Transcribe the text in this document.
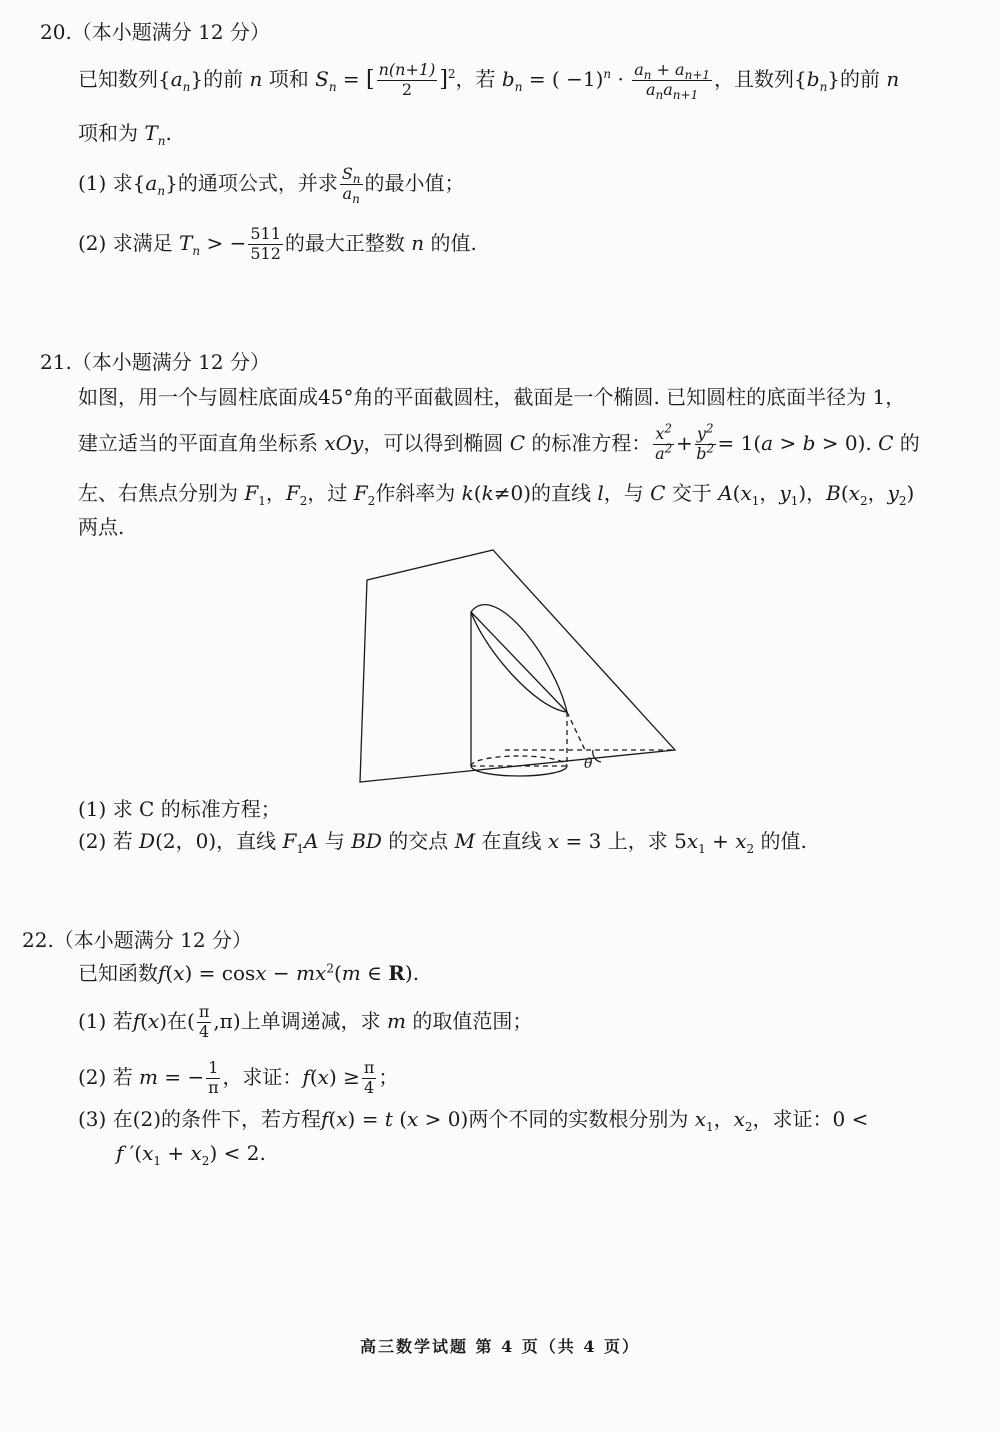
20.（本小题满分 12 分）
已知数列$\{a_n\}$的前 n 项和 $S_n$ = [ $\frac{n(n+1)}{2} ]^2$，若 $b_n$ = ( $-1)^n \cdot \frac{a_n + a_{n+1}}{a_na_{n+1}}$ ，且数列$\{b_n\}$的前 n
项和为 $T_n$.
(1) 求$\{a_n\}$的通项公式，并求 $\frac{S_n}{a_n}$ 的最小值；
(2) 求满足 $T_n$ > − $\frac{511}{512}$ 的最大正整数 n 的值.
21.（本小题满分 12 分）
如图，用一个与圆柱底面成45°角的平面截圆柱，截面是一个椭圆. 已知圆柱的底面半径为 1，
建立适当的平面直角坐标系 xOy，可以得到椭圆 C 的标准方程： $\frac{x^2}{a^2} + \frac{y^2}{b^2} = 1(a > b > 0)$. C 的
左、右焦点分别为 $F_1$，$F_2$，过 $F_2$作斜率为 k(k≠0)的直线 l，与 C 交于 $A(x_1$，$y_1$)，$B(x_2$，$y_2$)
两点.
θ
(1) 求 C 的标准方程；
(2) 若 D(2，0)，直线 $F_1A$ 与 BD 的交点 M 在直线 x = 3 上，求 $5x_1 + x_2$ 的值.
22.（本小题满分 12 分）
已知函数$f(x) = \cos x - mx^2(m$ ∈ R).
(1) 若f(x)在( $\frac{\pi}{4} ,\pi$)上单调递减，求 m 的取值范围；
(2) 若 m = − $\frac{1}{\pi}$ ，求证：$f(x) \ge \frac{\pi}{4}$ ；
(3) 在(2)的条件下，若方程f(x) = t (x > 0)两个不同的实数根分别为 $x_1$，$x_2$，求证：0 <
f $'(x_1 + x_2) < 2$.
高三数学试题 第 4 页（共 4 页）
